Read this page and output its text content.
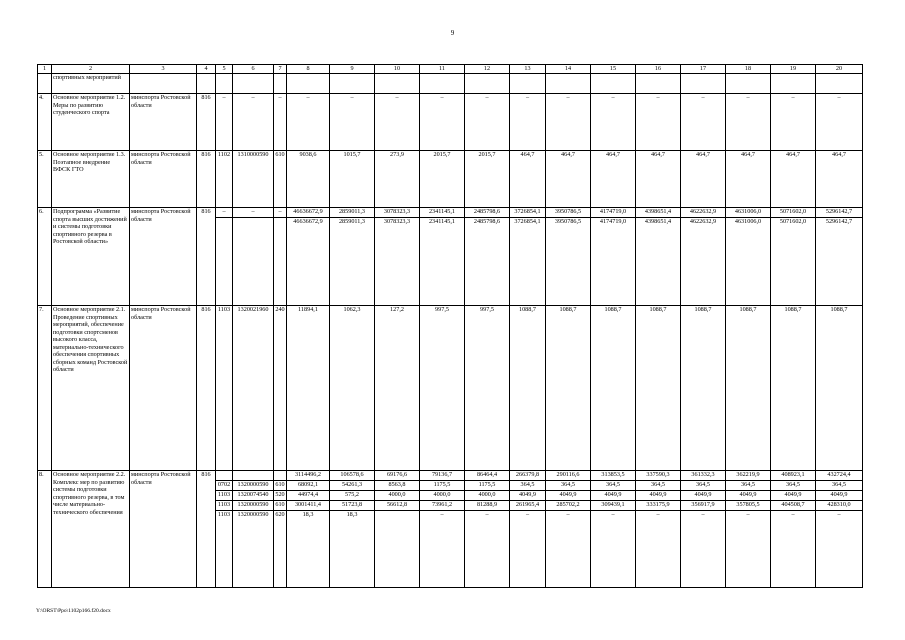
9
1	2	3	4	5	6	7	8	9	10	11	12	13	14	15	16	17	18	19	20
	спортивных мероприятий																		
4.	Основное мероприятие 1.2. Меры по развитию студенческого спорта	минспорта Ростовской области	816	–	–	–	–	–	–	–	–	–	–	–	–	–	–	–	–
5.	Основное мероприятие 1.3. Поэтапное внедрение ВФСК ГТО	минспорта Ростовской области	816	1102	1310000590	610	9038,6	1015,7	273,9	2015,7	2015,7	464,7	464,7	464,7	464,7	464,7	464,7	464,7	464,7
6.	Подпрограмма «Развитие спорта высших достижений и системы подготовки спортивного резерва в Ростовской области»	минспорта Ростовской области	816	–	–	–	46636672,9	2859011,3	3078323,3	2341145,1	2485798,6	3726854,1	3950786,5	4174719,0	4398651,4	4622632,9	4631006,0	5071602,0	5296142,7
							46636672,9	2859011,3	3078323,3	2341145,1	2485798,6	3726854,1	3950786,5	4174719,0	4398651,4	4622632,9	4631006,0	5071602,0	5296142,7
7.	Основное мероприятие 2.1. Проведение спортивных мероприятий, обеспечение подготовки спортсменов высокого класса, материально-технического обеспечения спортивных сборных команд Ростовской области	минспорта Ростовской области	816	1103	1320021960	240	11894,1	1062,3	127,2	997,5	997,5	1088,7	1088,7	1088,7	1088,7	1088,7	1088,7	1088,7	1088,7
8.	Основное мероприятие 2.2. Комплекс мер по развитию системы подготовки спортивного резерва, в том числе материально-технического обеспечения	минспорта Ростовской области	816				3114496,2	106578,6	69176,6	79136,7	86464,4	266379,8	290116,6	313853,5	337590,3	361332,3	362219,9	408923,1	432724,4
				0702	1320000590	610	68092,1	54261,3	8563,8	1175,5	1175,5	364,5	364,5	364,5	364,5	364,5	364,5	364,5	364,5
				1103	1320074540	520	44974,4	575,2	4000,0	4000,0	4000,0	4049,9	4049,9	4049,9	4049,9	4049,9	4049,9	4049,9	4049,9
				1103	1320000590	610	3001411,4	51723,8	56612,8	73961,2	81288,9	261965,4	285702,2	309439,1	333175,9	356917,9	357805,5	404508,7	428310,0
				1103	1320000590	620	18,3	18,3		–	–	–	–	–	–	–	–	–	–
Y:\ORST\Ppo\1102p166.f20.docx
